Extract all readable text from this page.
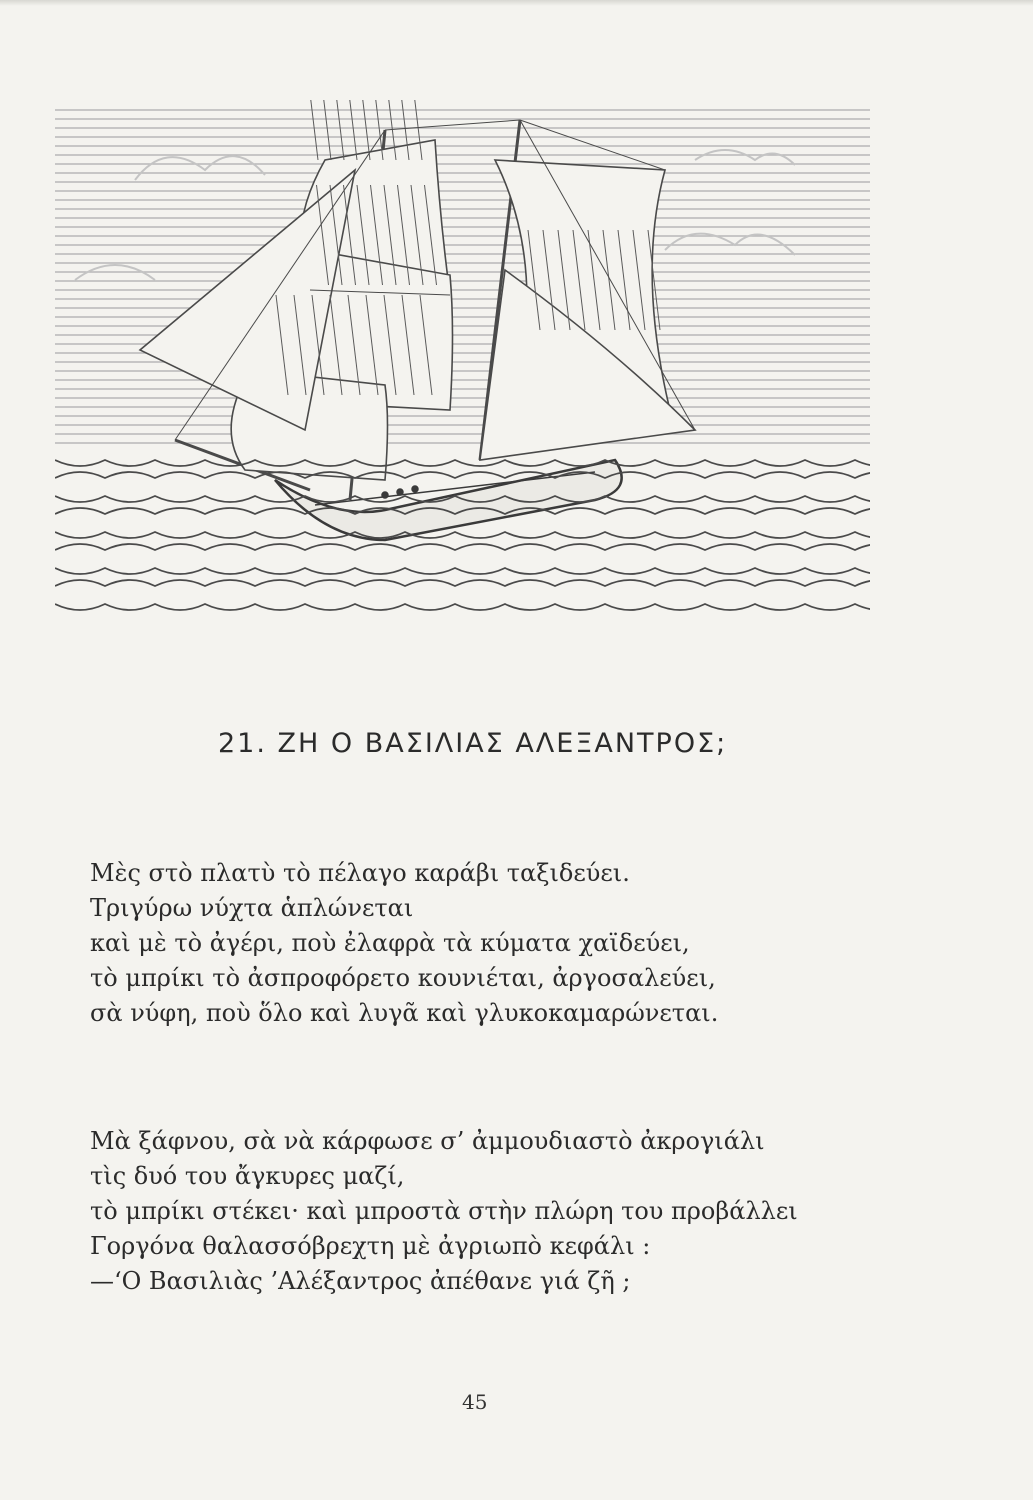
21. ΖΗ Ο ΒΑΣΙΛΙΑΣ ΑΛΕΞΑΝΤΡΟΣ;
Μὲς στὸ πλατὺ τὸ πέλαγο καράβι ταξιδεύει.
Τριγύρω νύχτα ἁπλώνεται
καὶ μὲ τὸ ἀγέρι, ποὺ ἐλαφρὰ τὰ κύματα χαϊδεύει,
τὸ μπρίκι τὸ ἀσπροφόρετο κουνιέται, ἀργοσαλεύει,
σὰ νύφη, ποὺ ὅλο καὶ λυγᾶ καὶ γλυκοκαμαρώνεται.
Μὰ ξάφνου, σὰ νὰ κάρφωσε σ’ ἀμμουδιαστὸ ἀκρογιάλι
τὶς δυό του ἄγκυρες μαζί,
τὸ μπρίκι στέκει· καὶ μπροστὰ στὴν πλώρη του προβάλλει
Γοργόνα θαλασσόβρεχτη μὲ ἀγριωπὸ κεφάλι :
—‘Ο Βασιλιὰς ’Αλέξαντρος ἀπέθανε γιά ζῆ ;
45
